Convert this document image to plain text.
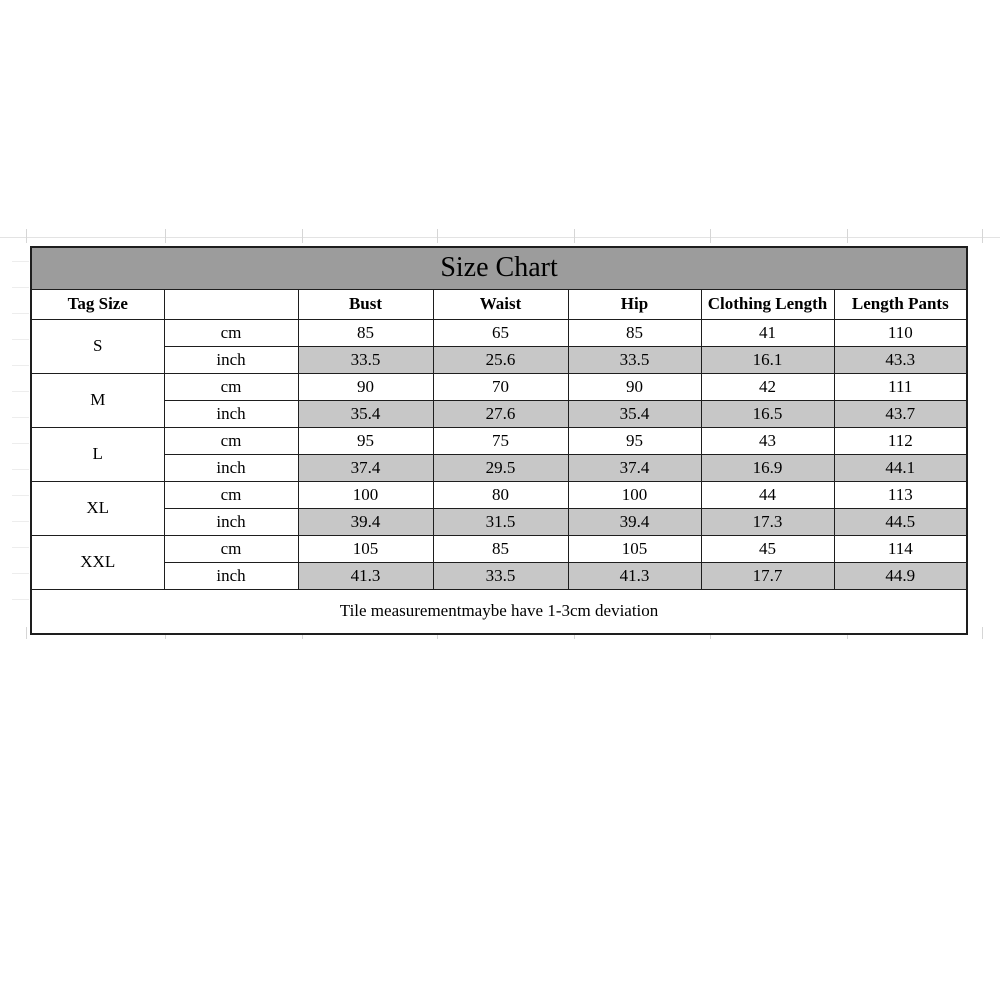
Size Chart						
Tag Size		Bust	Waist	Hip	Clothing Length	Length Pants
S	cm	85	65	85	41	110
	inch	33.5	25.6	33.5	16.1	43.3
M	cm	90	70	90	42	111
	inch	35.4	27.6	35.4	16.5	43.7
L	cm	95	75	95	43	112
	inch	37.4	29.5	37.4	16.9	44.1
XL	cm	100	80	100	44	113
	inch	39.4	31.5	39.4	17.3	44.5
XXL	cm	105	85	105	45	114
	inch	41.3	33.5	41.3	17.7	44.9
Tile measurementmaybe have 1-3cm deviation						
